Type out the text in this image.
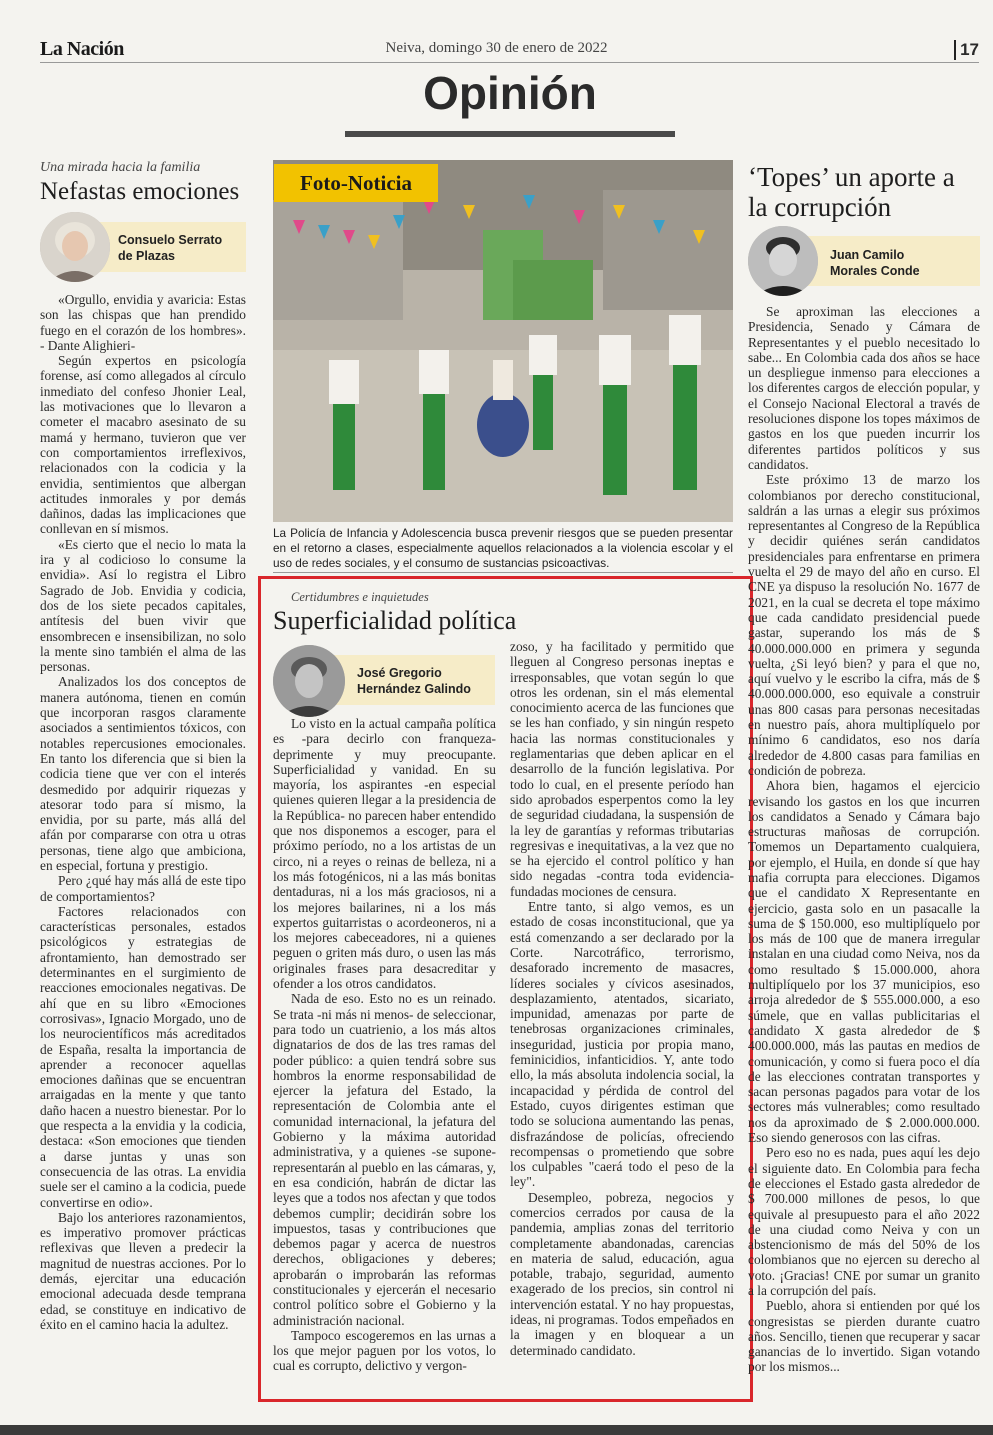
La Nación	Neiva, domingo 30 de enero de 2022	17
Opinión
Una mirada hacia la familia
Nefastas emociones
Consuelo Serrato
de Plazas

«Orgullo, envidia y avaricia: Estas son las chispas que han prendido fuego en el corazón de los hombres». - Dante Alighieri-

Según expertos en psicología forense, así como allegados al círculo inmediato del confeso Jhonier Leal, las motivaciones que lo llevaron a cometer el macabro asesinato de su mamá y hermano, tuvieron que ver con comportamientos irreflexivos, relacionados con la codicia y la envidia, sentimientos que albergan actitudes inmorales y por demás dañinos, dadas las implicaciones que conllevan en sí mismos.

«Es cierto que el necio lo mata la ira y al codicioso lo consume la envidia». Así lo registra el Libro Sagrado de Job. Envidia y codicia, dos de los siete pecados capitales, antítesis del buen vivir que ensombrecen e insensibilizan, no solo la mente sino también el alma de las personas.

Analizados los dos conceptos de manera autónoma, tienen en común que incorporan rasgos claramente asociados a sentimientos tóxicos, con notables repercusiones emocionales. En tanto los diferencia que si bien la codicia tiene que ver con el interés desmedido por adquirir riquezas y atesorar todo para sí mismo, la envidia, por su parte, más allá del afán por compararse con otra u otras personas, tiene algo que ambiciona, en especial, fortuna y prestigio.

Pero ¿qué hay más allá de este tipo de comportamientos?

Factores relacionados con características personales, estados psicológicos y estrategias de afrontamiento, han demostrado ser determinantes en el surgimiento de reacciones emocionales negativas. De ahí que en su libro «Emociones corrosivas», Ignacio Morgado, uno de los neurocientíficos más acreditados de España, resalta la importancia de aprender a reconocer aquellas emociones dañinas que se encuentran arraigadas en la mente y que tanto daño hacen a nuestro bienestar. Por lo que respecta a la envidia y la codicia, destaca: «Son emociones que tienden a darse juntas y unas son consecuencia de las otras. La envidia suele ser el camino a la codicia, puede convertirse en odio».

Bajo los anteriores razonamientos, es imperativo promover prácticas reflexivas que lleven a predecir la magnitud de nuestras acciones. Por lo demás, ejercitar una educación emocional adecuada desde temprana edad, se constituye en indicativo de éxito en el camino hacia la adultez.

Foto-Noticia
La Policía de Infancia y Adolescencia busca prevenir riesgos que se pueden presentar en el retorno a clases, especialmente aquellos relacionados a la violencia escolar y el uso de redes sociales, y el consumo de sustancias psicoactivas.
Certidumbres e inquietudes
Superficialidad política
José Gregorio
Hernández Galindo

Lo visto en la actual campaña política es -para decirlo con franqueza- deprimente y muy preocupante. Superficialidad y vanidad. En su mayoría, los aspirantes -en especial quienes quieren llegar a la presidencia de la República- no parecen haber entendido que nos disponemos a escoger, para el próximo período, no a los artistas de un circo, ni a reyes o reinas de belleza, ni a los más fotogénicos, ni a las más bonitas dentaduras, ni a los más graciosos, ni a los mejores bailarines, ni a los más expertos guitarristas o acordeoneros, ni a los mejores cabeceadores, ni a quienes peguen o griten más duro, o usen las más originales frases para desacreditar y ofender a los otros candidatos.

Nada de eso. Esto no es un reinado. Se trata -ni más ni menos- de seleccionar, para todo un cuatrienio, a los más altos dignatarios de dos de las tres ramas del poder público: a quien tendrá sobre sus hombros la enorme responsabilidad de ejercer la jefatura del Estado, la representación de Colombia ante el comunidad internacional, la jefatura del Gobierno y la máxima autoridad administrativa, y a quienes -se supone- representarán al pueblo en las cámaras, y, en esa condición, habrán de dictar las leyes que a todos nos afectan y que todos debemos cumplir; decidirán sobre los impuestos, tasas y contribuciones que debemos pagar y acerca de nuestros derechos, obligaciones y deberes; aprobarán o improbarán las reformas constitucionales y ejercerán el necesario control político sobre el Gobierno y la administración nacional.

Tampoco escogeremos en las urnas a los que mejor paguen por los votos, lo cual es corrupto, delictivo y vergon-

zoso, y ha facilitado y permitido que lleguen al Congreso personas ineptas e irresponsables, que votan según lo que otros les ordenan, sin el más elemental conocimiento acerca de las funciones que se les han confiado, y sin ningún respeto hacia las normas constitucionales y reglamentarias que deben aplicar en el desarrollo de la función legislativa. Por todo lo cual, en el presente período han sido aprobados esperpentos como la ley de seguridad ciudadana, la suspensión de la ley de garantías y reformas tributarias regresivas e inequitativas, a la vez que no se ha ejercido el control político y han sido negadas -contra toda evidencia- fundadas mociones de censura.

Entre tanto, si algo vemos, es un estado de cosas inconstitucional, que ya está comenzando a ser declarado por la Corte. Narcotráfico, terrorismo, desaforado incremento de masacres, líderes sociales y cívicos asesinados, desplazamiento, atentados, sicariato, impunidad, amenazas por parte de tenebrosas organizaciones criminales, inseguridad, justicia por propia mano, feminicidios, infanticidios. Y, ante todo ello, la más absoluta indolencia social, la incapacidad y pérdida de control del Estado, cuyos dirigentes estiman que todo se soluciona aumentando las penas, disfrazándose de policías, ofreciendo recompensas o prometiendo que sobre los culpables "caerá todo el peso de la ley".

Desempleo, pobreza, negocios y comercios cerrados por causa de la pandemia, amplias zonas del territorio completamente abandonadas, carencias en materia de salud, educación, agua potable, trabajo, seguridad, aumento exagerado de los precios, sin control ni intervención estatal. Y no hay propuestas, ideas, ni programas. Todos empeñados en la imagen y en bloquear a un determinado candidato.

‘Topes’ un aporte a la corrupción
Juan Camilo
Morales Conde

Se aproximan las elecciones a Presidencia, Senado y Cámara de Representantes y el pueblo necesitado lo sabe... En Colombia cada dos años se hace un despliegue inmenso para elecciones a los diferentes cargos de elección popular, y el Consejo Nacional Electoral a través de resoluciones dispone los topes máximos de gastos en los que pueden incurrir los diferentes partidos políticos y sus candidatos.

Este próximo 13 de marzo los colombianos por derecho constitucional, saldrán a las urnas a elegir sus próximos representantes al Congreso de la República y decidir quiénes serán candidatos presidenciales para enfrentarse en primera vuelta el 29 de mayo del año en curso. El CNE ya dispuso la resolución No. 1677 de 2021, en la cual se decreta el tope máximo que cada candidato presidencial puede gastar, superando los más de $ 40.000.000.000 en primera y segunda vuelta, ¿Si leyó bien? y para el que no, aquí vuelvo y le escribo la cifra, más de $ 40.000.000.000, eso equivale a construir unas 800 casas para personas necesitadas en nuestro país, ahora multiplíquelo por mínimo 6 candidatos, eso nos daría alrededor de 4.800 casas para familias en condición de pobreza.

Ahora bien, hagamos el ejercicio revisando los gastos en los que incurren los candidatos a Senado y Cámara bajo estructuras mañosas de corrupción. Tomemos un Departamento cualquiera, por ejemplo, el Huila, en donde sí que hay mafia corrupta para elecciones. Digamos que el candidato X Representante en ejercicio, gasta solo en un pasacalle la suma de $ 150.000, eso multiplíquelo por los más de 100 que de manera irregular instalan en una ciudad como Neiva, nos da como resultado $ 15.000.000, ahora multiplíquelo por los 37 municipios, eso arroja alrededor de $ 555.000.000, a eso súmele, que en vallas publicitarias el candidato X gasta alrededor de $ 400.000.000, más las pautas en medios de comunicación, y como si fuera poco el día de las elecciones contratan transportes y sacan personas pagados para votar de los sectores más vulnerables; como resultado nos da aproximado de $ 2.000.000.000. Eso siendo generosos con las cifras.

Pero eso no es nada, pues aquí les dejo el siguiente dato. En Colombia para fecha de elecciones el Estado gasta alrededor de $ 700.000 millones de pesos, lo que equivale al presupuesto para el año 2022 de una ciudad como Neiva y con un abstencionismo de más del 50% de los colombianos que no ejercen su derecho al voto. ¡Gracias! CNE por sumar un granito a la corrupción del país.

Pueblo, ahora si entienden por qué los congresistas se pierden durante cuatro años. Sencillo, tienen que recuperar y sacar ganancias de lo invertido. Sigan votando por los mismos...
